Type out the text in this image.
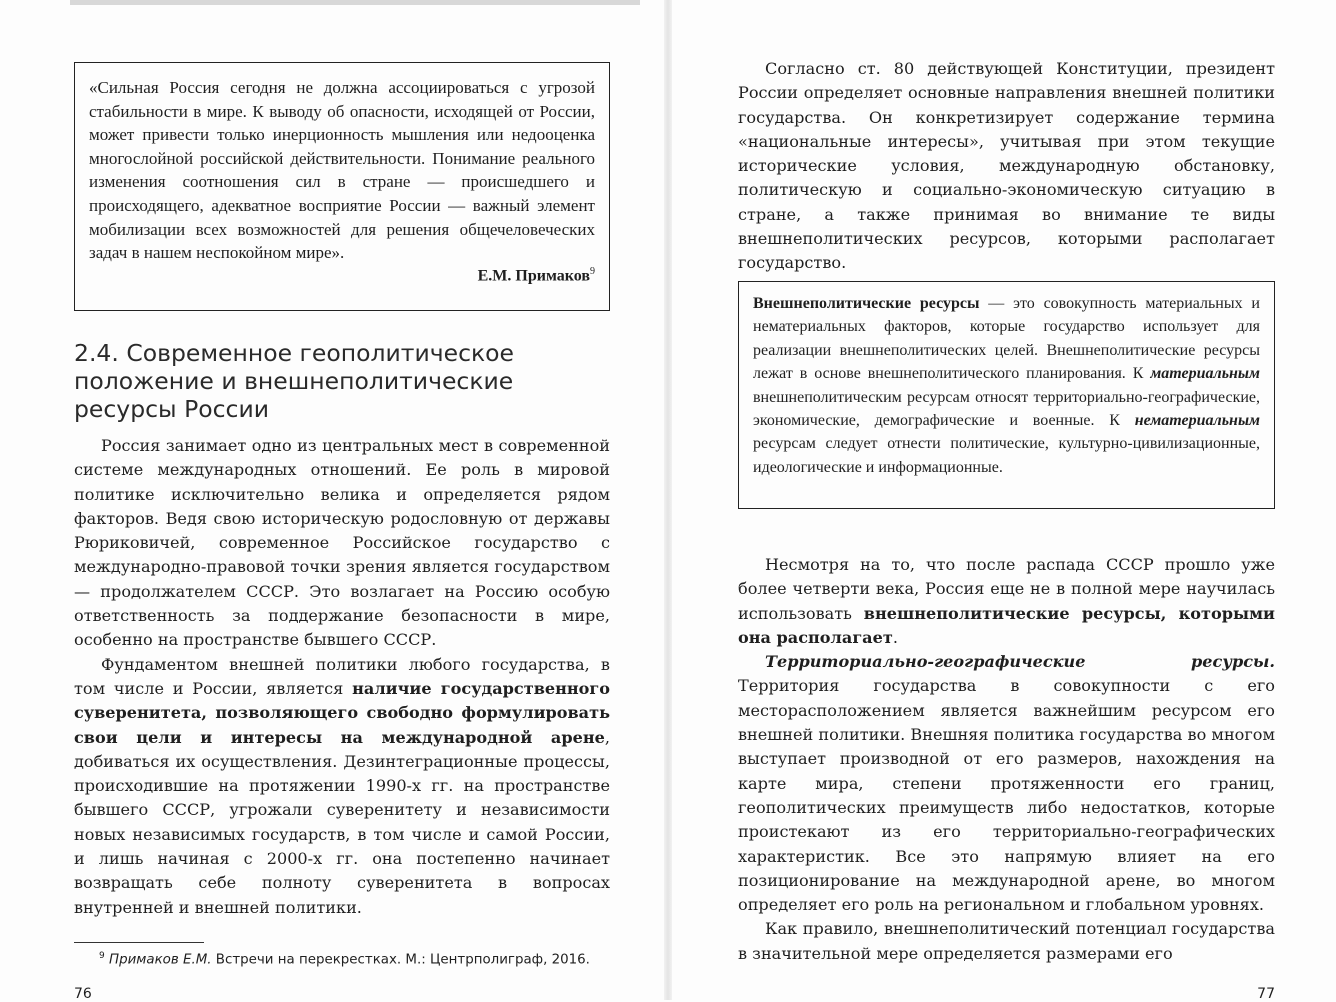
«Сильная Россия сегодня не должна ассоциироваться с угрозой стабильности в мире. К выводу об опасности, исходящей от России, может привести только инерционность мышления или недооценка многослойной российской действительности. Понимание реального изменения соотношения сил в стране — происшедшего и происходящего, адекватное восприятие России — важный элемент мобилизации всех возможностей для решения общечеловеческих задач в нашем неспокойном мире».

Е.М. Примаков$^9$
2.4. Современное геополитическое положение и внешнеполитические ресурсы России

Россия занимает одно из центральных мест в современной системе международных отношений. Ее роль в мировой политике исключительно велика и определяется рядом факторов. Ведя свою историческую родословную от державы Рюриковичей, современное Российское государство с международно-правовой точки зрения является государством — продолжателем СССР. Это возлагает на Россию особую ответственность за поддержание безопасности в мире, особенно на пространстве бывшего СССР.

Фундаментом внешней политики любого государства, в том числе и России, является наличие государственного суверенитета, позволяющего свободно формулировать свои цели и интересы на международной арене, добиваться их осуществления. Дезинтеграционные процессы, происходившие на протяжении 1990-х гг. на пространстве бывшего СССР, угрожали суверенитету и независимости новых независимых государств, в том числе и самой России, и лишь начиная с 2000-х гг. она постепенно начинает возвращать себе полноту суверенитета в вопросах внутренней и внешней политики.

$^9$ Примаков Е.М. Встречи на перекрестках. М.: Центрполиграф, 2016.
76

Согласно ст. 80 действующей Конституции, президент России определяет основные направления внешней политики государства. Он конкретизирует содержание термина «национальные интересы», учитывая при этом текущие исторические условия, международную обстановку, политическую и социально-экономическую ситуацию в стране, а также принимая во внимание те виды внешнеполитических ресурсов, которыми располагает государство.

Внешнеполитические ресурсы — это совокупность материальных и нематериальных факторов, которые государство использует для реализации внешнеполитических целей. Внешнеполитические ресурсы лежат в основе внешнеполитического планирования. К материальным внешнеполитическим ресурсам относят территориально-географические, экономические, демографические и военные. К нематериальным ресурсам следует отнести политические, культурно-цивилизационные, идеологические и информационные.

Несмотря на то, что после распада СССР прошло уже более четверти века, Россия еще не в полной мере научилась использовать внешнеполитические ресурсы, которыми она располагает.

Территориально-географические ресурсы. Территория государства в совокупности с его месторасположением является важнейшим ресурсом его внешней политики. Внешняя политика государства во многом выступает производной от его размеров, нахождения на карте мира, степени протяженности его границ, геополитических преимуществ либо недостатков, которые проистекают из его территориально-географических характеристик. Все это напрямую влияет на его позиционирование на международной арене, во многом определяет его роль на региональном и глобальном уровнях.

Как правило, внешнеполитический потенциал государства в значительной мере определяется размерами его

77
